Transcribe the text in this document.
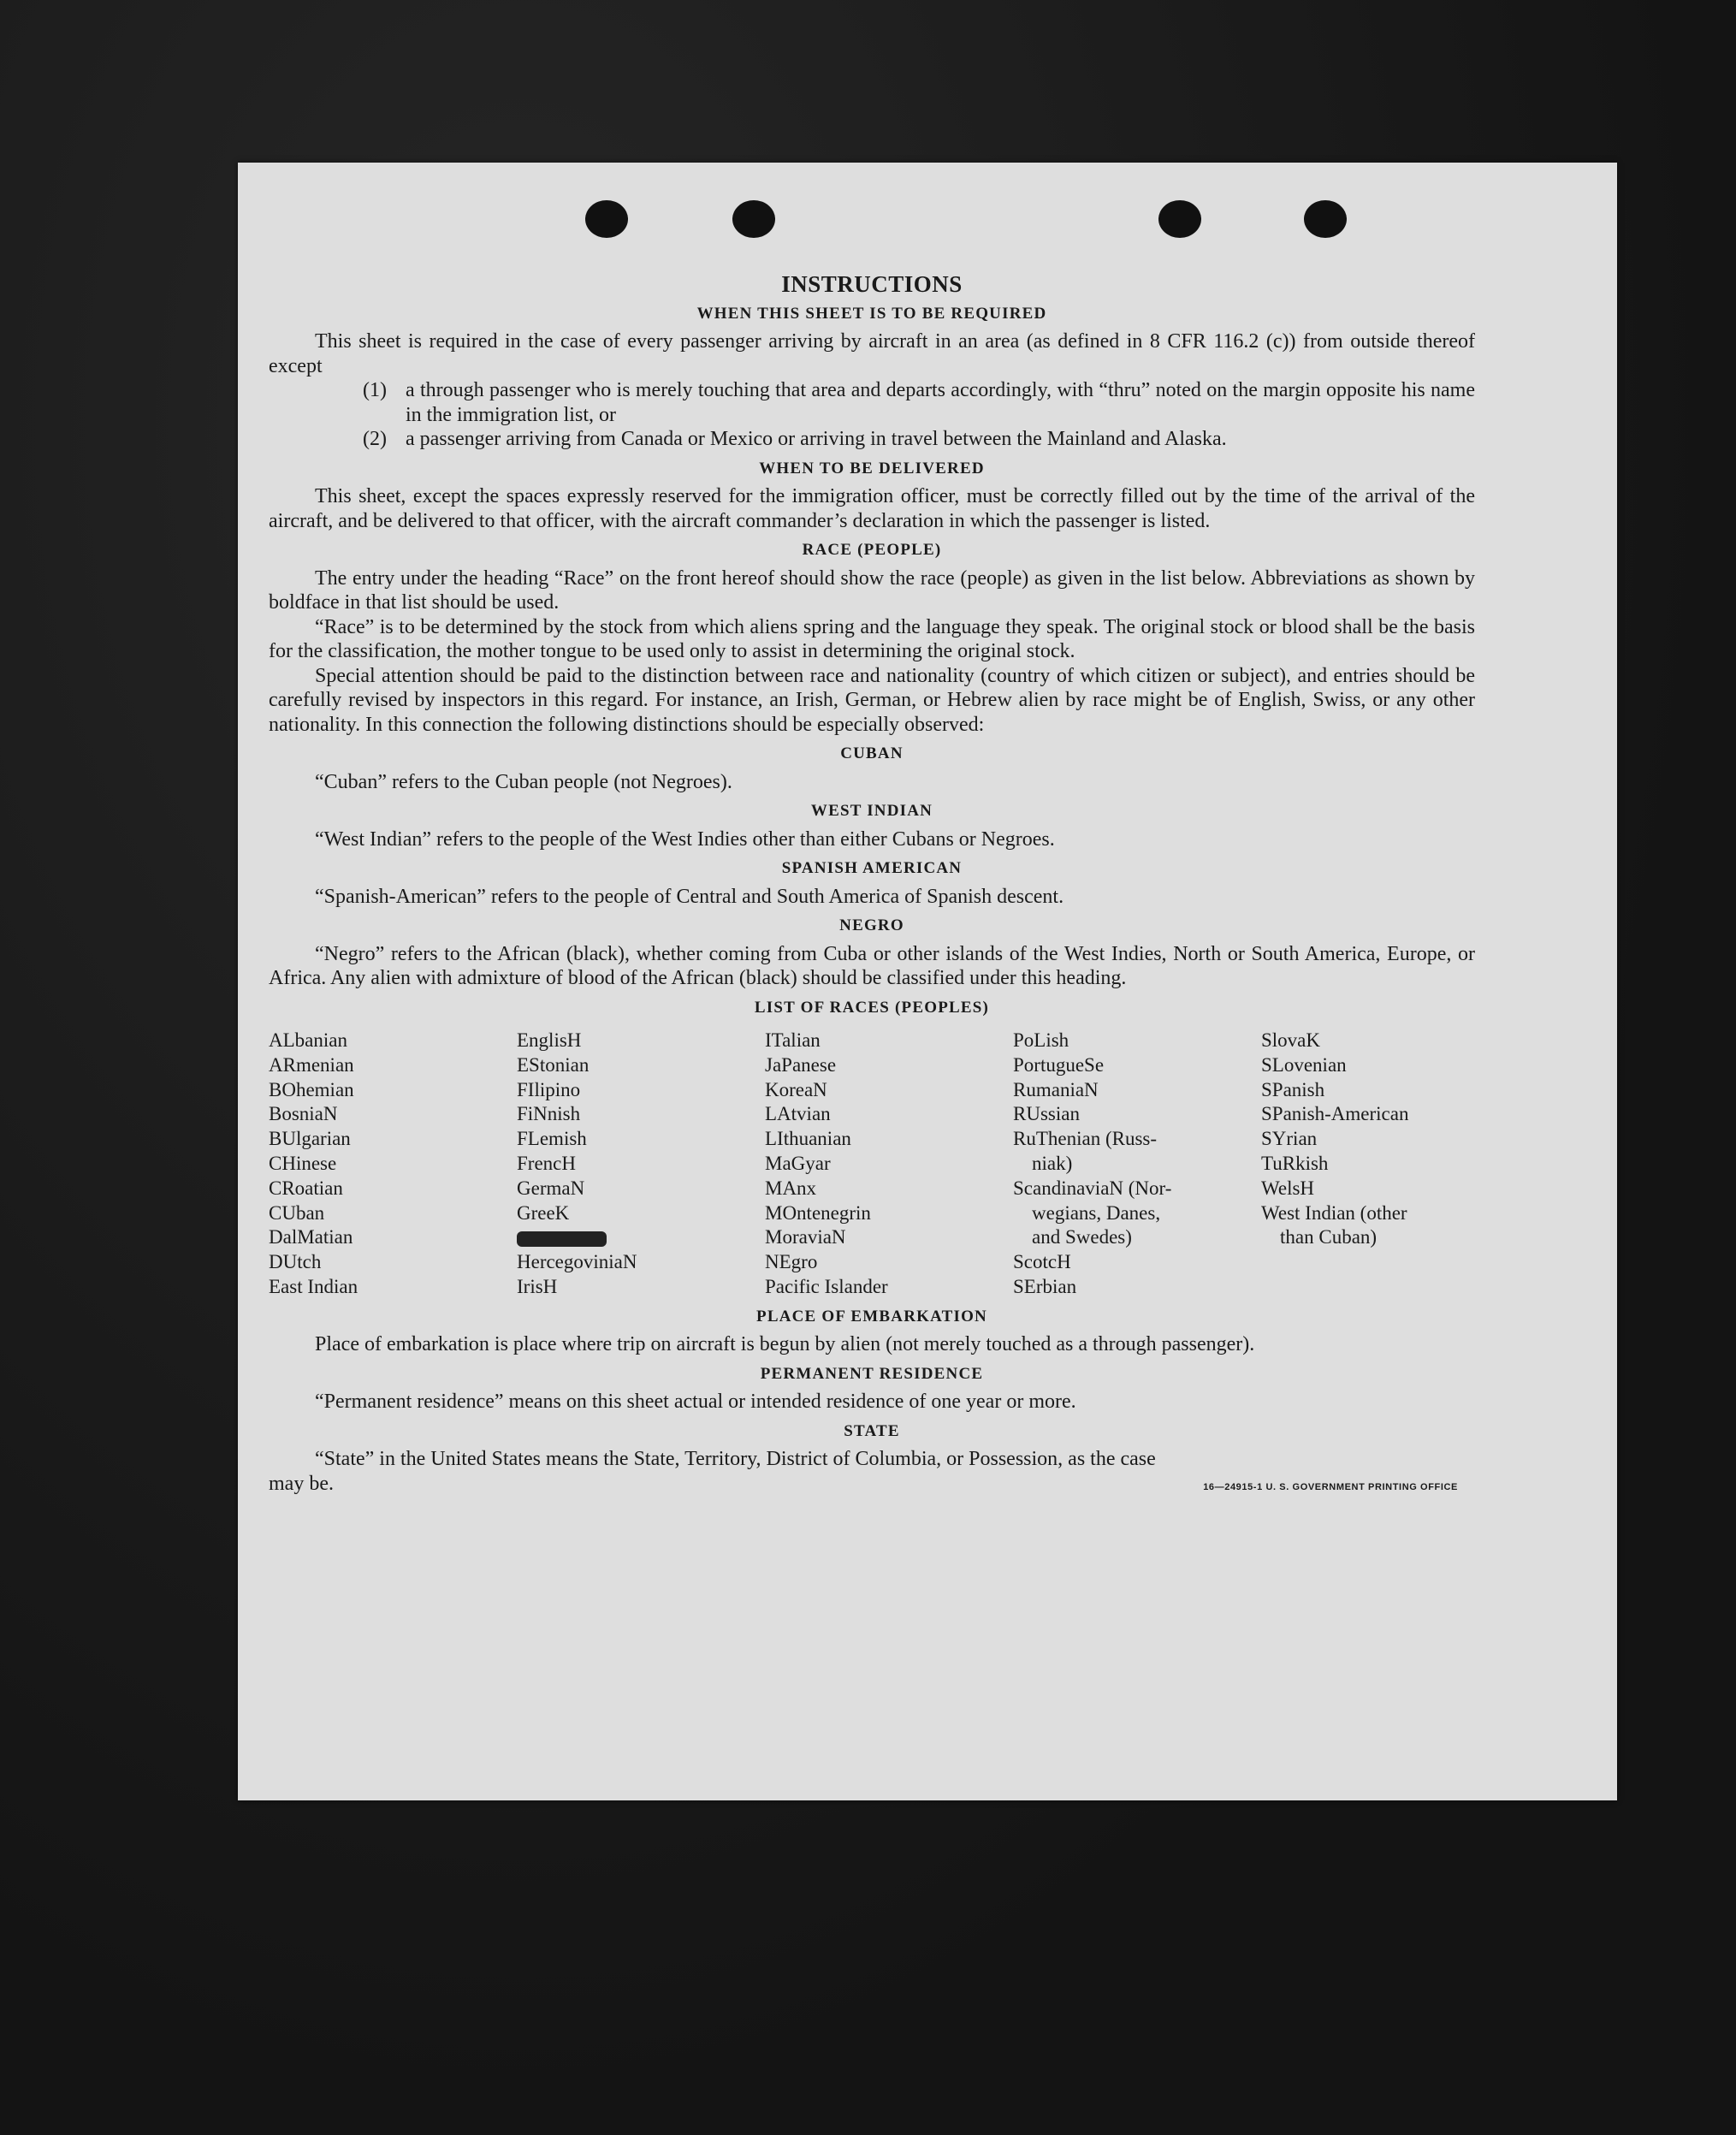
INSTRUCTIONS
WHEN THIS SHEET IS TO BE REQUIRED

This sheet is required in the case of every passenger arriving by aircraft in an area (as defined in 8 CFR 116.2 (c)) from outside thereof except

(1) a through passenger who is merely touching that area and departs accordingly, with “thru” noted on the margin opposite his name in the immigration list, or
(2) a passenger arriving from Canada or Mexico or arriving in travel between the Mainland and Alaska.
WHEN TO BE DELIVERED

This sheet, except the spaces expressly reserved for the immigration officer, must be correctly filled out by the time of the arrival of the aircraft, and be delivered to that officer, with the aircraft commander’s declaration in which the passenger is listed.

RACE (PEOPLE)

The entry under the heading “Race” on the front hereof should show the race (people) as given in the list below. Abbreviations as shown by boldface in that list should be used.

“Race” is to be determined by the stock from which aliens spring and the language they speak. The original stock or blood shall be the basis for the classification, the mother tongue to be used only to assist in determining the original stock.

Special attention should be paid to the distinction between race and nationality (country of which citizen or subject), and entries should be carefully revised by inspectors in this regard. For instance, an Irish, German, or Hebrew alien by race might be of English, Swiss, or any other nationality. In this connection the following distinctions should be especially observed:

CUBAN

“Cuban” refers to the Cuban people (not Negroes).

WEST INDIAN

“West Indian” refers to the people of the West Indies other than either Cubans or Negroes.

SPANISH AMERICAN

“Spanish-American” refers to the people of Central and South America of Spanish descent.

NEGRO

“Negro” refers to the African (black), whether coming from Cuba or other islands of the West Indies, North or South America, Europe, or Africa. Any alien with admixture of blood of the African (black) should be classified under this heading.

LIST OF RACES (PEOPLES)
ALbanian
ARmenian
BOhemian
BosniaN
BUlgarian
CHinese
CRoatian
CUban
DalMatian
DUtch
East Indian
EnglisH
EStonian
FIlipino
FiNnish
FLemish
FrencH
GermaN
GreeK
HercegoviniaN
IrisH
ITalian
JaPanese
KoreaN
LAtvian
LIthuanian
MaGyar
MAnx
MOntenegrin
MoraviaN
NEgro
Pacific Islander
PoLish
PortugueSe
RumaniaN
RUssian
RuThenian (Russ-
niak)
ScandinaviaN (Nor-
wegians, Danes,
and Swedes)
ScotcH
SErbian
SlovaK
SLovenian
SPanish
SPanish-American
SYrian
TuRkish
WelsH
West Indian (other
than Cuban)
PLACE OF EMBARKATION

Place of embarkation is place where trip on aircraft is begun by alien (not merely touched as a through passenger).

PERMANENT RESIDENCE

“Permanent residence” means on this sheet actual or intended residence of one year or more.

STATE

“State” in the United States means the State, Territory, District of Columbia, or Possession, as the case

may be.	16—24915-1 U. S. GOVERNMENT PRINTING OFFICE
